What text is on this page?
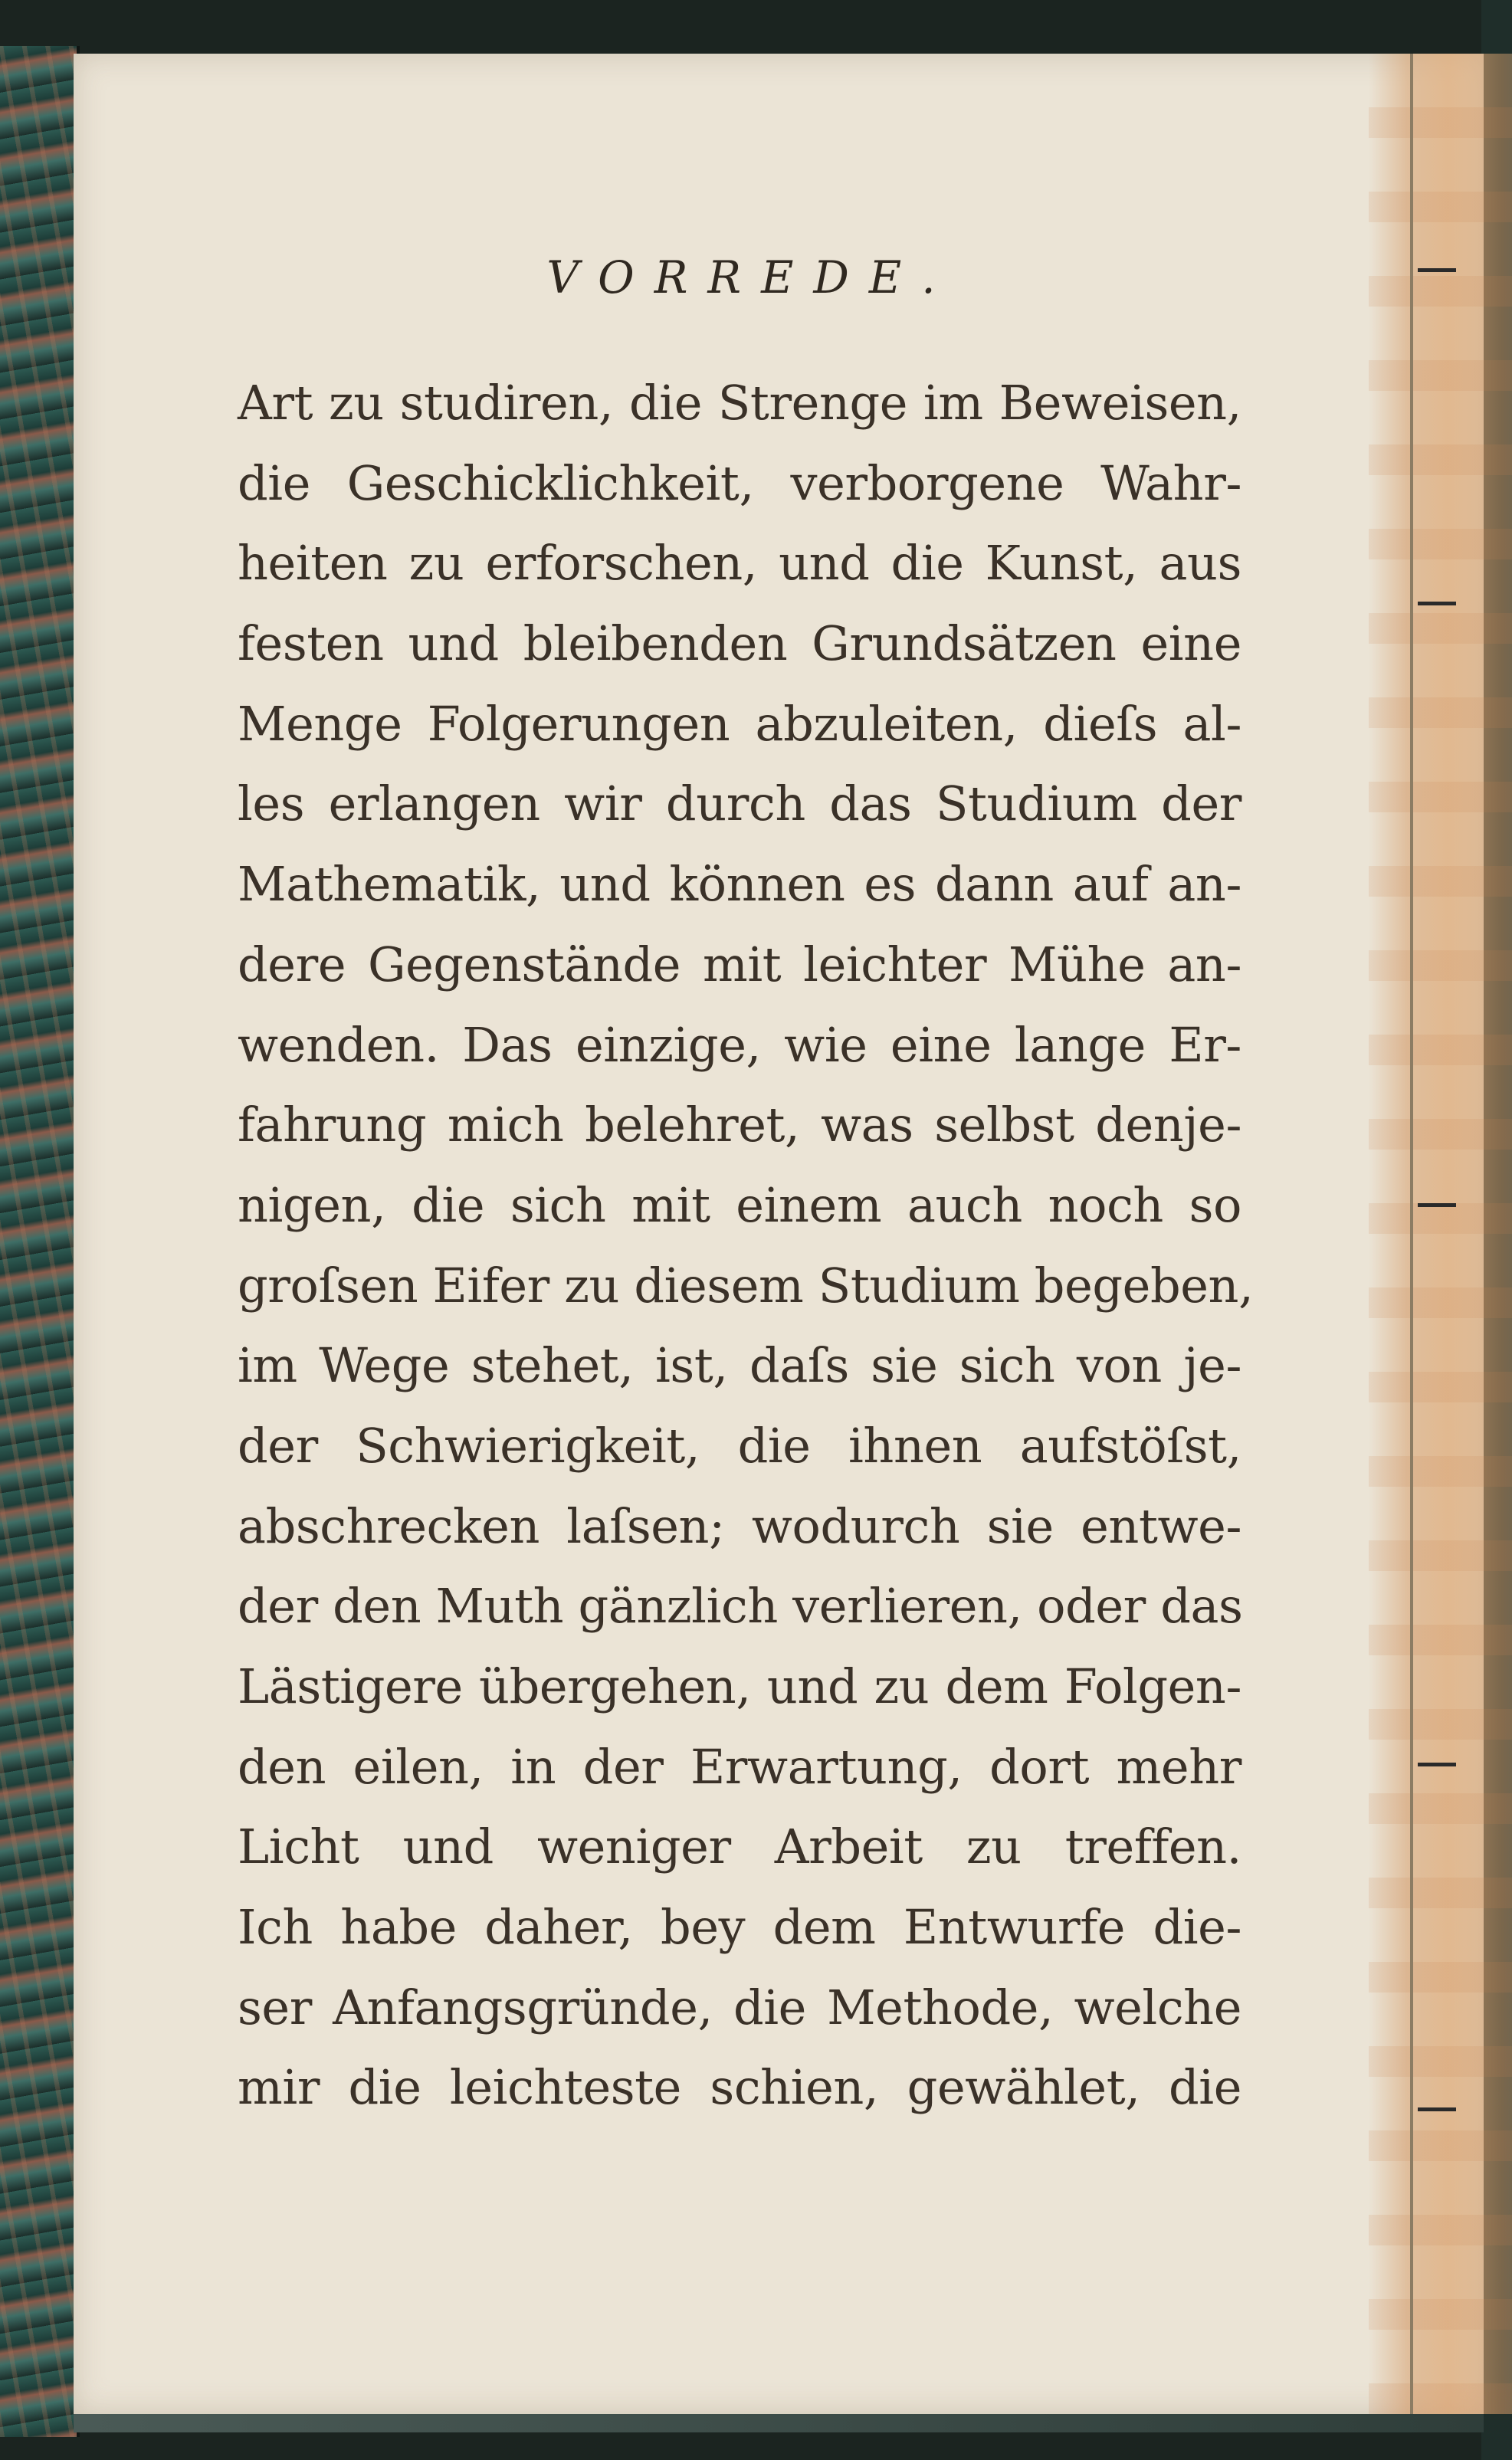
VORREDE.
Art zu studiren, die Strenge im Beweisen,
die Geschicklichkeit, verborgene Wahr-
heiten zu erforschen, und die Kunst, aus
festen und bleibenden Grundsätzen eine
Menge Folgerungen abzuleiten, dieſs al-
les erlangen wir durch das Studium der
Mathematik, und können es dann auf an-
dere Gegenstände mit leichter Mühe an-
wenden. Das einzige, wie eine lange Er-
fahrung mich belehret, was selbst denje-
nigen, die sich mit einem auch noch so
groſsen Eifer zu diesem Studium begeben,
im Wege stehet, ist, daſs sie sich von je-
der Schwierigkeit, die ihnen aufstöſst,
abschrecken laſsen; wodurch sie entwe-
der den Muth gänzlich verlieren, oder das
Lästigere übergehen, und zu dem Folgen-
den eilen, in der Erwartung, dort mehr
Licht und weniger Arbeit zu treffen.
Ich habe daher, bey dem Entwurfe die-
ser Anfangsgründe, die Methode, welche
mir die leichteste schien, gewählet, die
